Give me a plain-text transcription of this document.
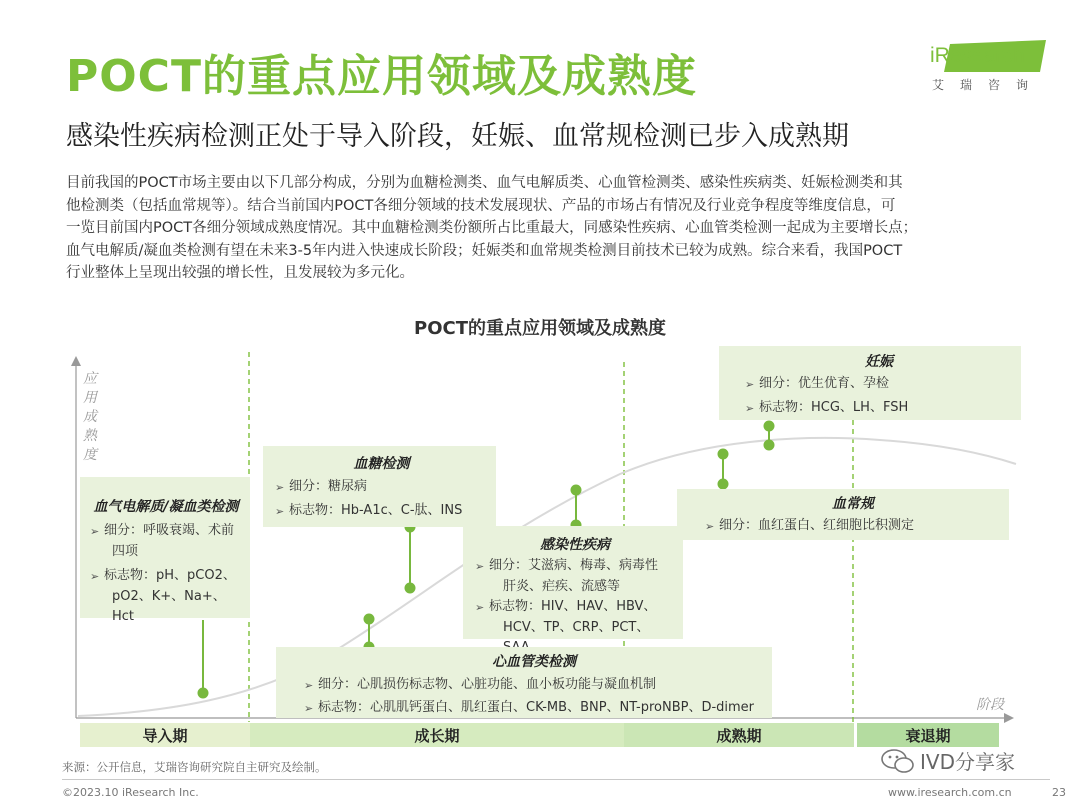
POCT的重点应用领域及成熟度
感染性疾病检测正处于导入阶段，妊娠、血常规检测已步入成熟期
iResearch
艾瑞咨询
目前我国的POCT市场主要由以下几部分构成，分别为血糖检测类、血气电解质类、心血管检测类、感染性疾病类、妊娠检测类和其
他检测类（包括血常规等）。结合当前国内POCT各细分领域的技术发展现状、产品的市场占有情况及行业竞争程度等维度信息，可
一览目前国内POCT各细分领域成熟度情况。其中血糖检测类份额所占比重最大，同感染性疾病、心血管类检测一起成为主要增长点；
血气电解质/凝血类检测有望在未来3-5年内进入快速成长阶段；妊娠类和血常规类检测目前技术已较为成熟。综合来看，我国POCT
行业整体上呈现出较强的增长性，且发展较为多元化。
POCT的重点应用领域及成熟度
应
用
成
熟
度
阶段
导入期	成长期	成熟期	衰退期
血气电解质/凝血类检测
➢ 细分：呼吸衰竭、术前
四项
➢ 标志物：pH、pCO2、
pO2、K+、Na+、Hct
血糖检测
➢ 细分：糖尿病
➢ 标志物：Hb-A1c、C-肽、INS
感染性疾病
➢ 细分：艾滋病、梅毒、病毒性
肝炎、疟疾、流感等
➢ 标志物：HIV、HAV、HBV、
HCV、TP、CRP、PCT、
心血管类检测
➢ 细分：心肌损伤标志物、心脏功能、血小板功能与凝血机制
➢ 标志物：心肌肌钙蛋白、肌红蛋白、CK-MB、BNP、NT-proNBP、D-dimer
妊娠
➢ 细分：优生优育、孕检
➢ 标志物：HCG、LH、FSH
血常规
➢ 细分：血红蛋白、红细胞比积测定
来源：公开信息，艾瑞咨询研究院自主研究及绘制。	IVD分享家
©2023.10 iResearch Inc.	www.iresearch.com.cn	23
